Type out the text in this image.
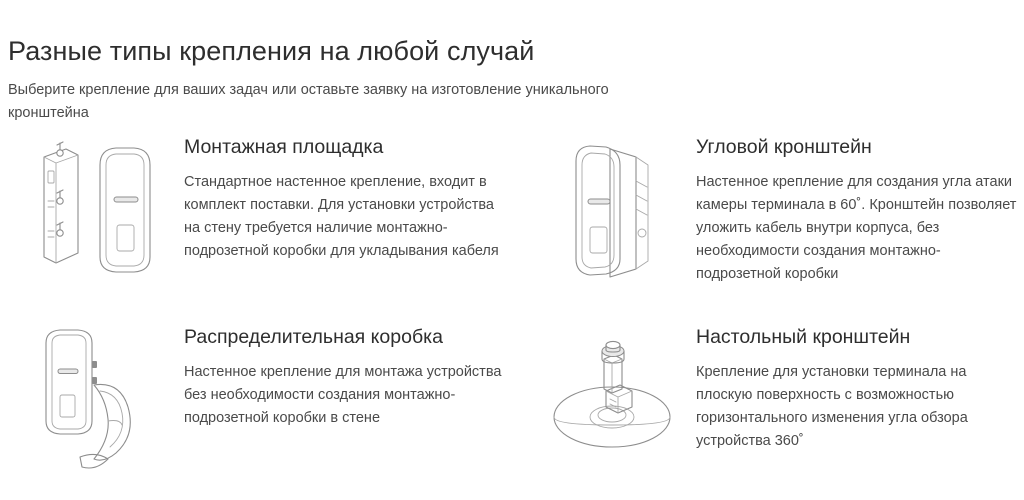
Разные типы крепления на любой случай

Выберите крепление для ваших задач или оставьте заявку на изготовление уникального кронштейна

Монтажная площадка

Стандартное настенное крепление, входит в комплект поставки. Для установки устройства на стену требуется наличие монтажно-подрозетной коробки для укладывания кабеля

Угловой кронштейн

Настенное крепление для создания угла атаки камеры терминала в 60˚. Кронштейн позволяет уложить кабель внутри корпуса, без необходимости создания монтажно-подрозетной коробки

Распределительная коробка

Настенное крепление для монтажа устройства без необходимости создания монтажно-подрозетной коробки в стене

Настольный кронштейн

Крепление для установки терминала на плоскую поверхность с возможностью горизонтального изменения угла обзора устройства 360˚
